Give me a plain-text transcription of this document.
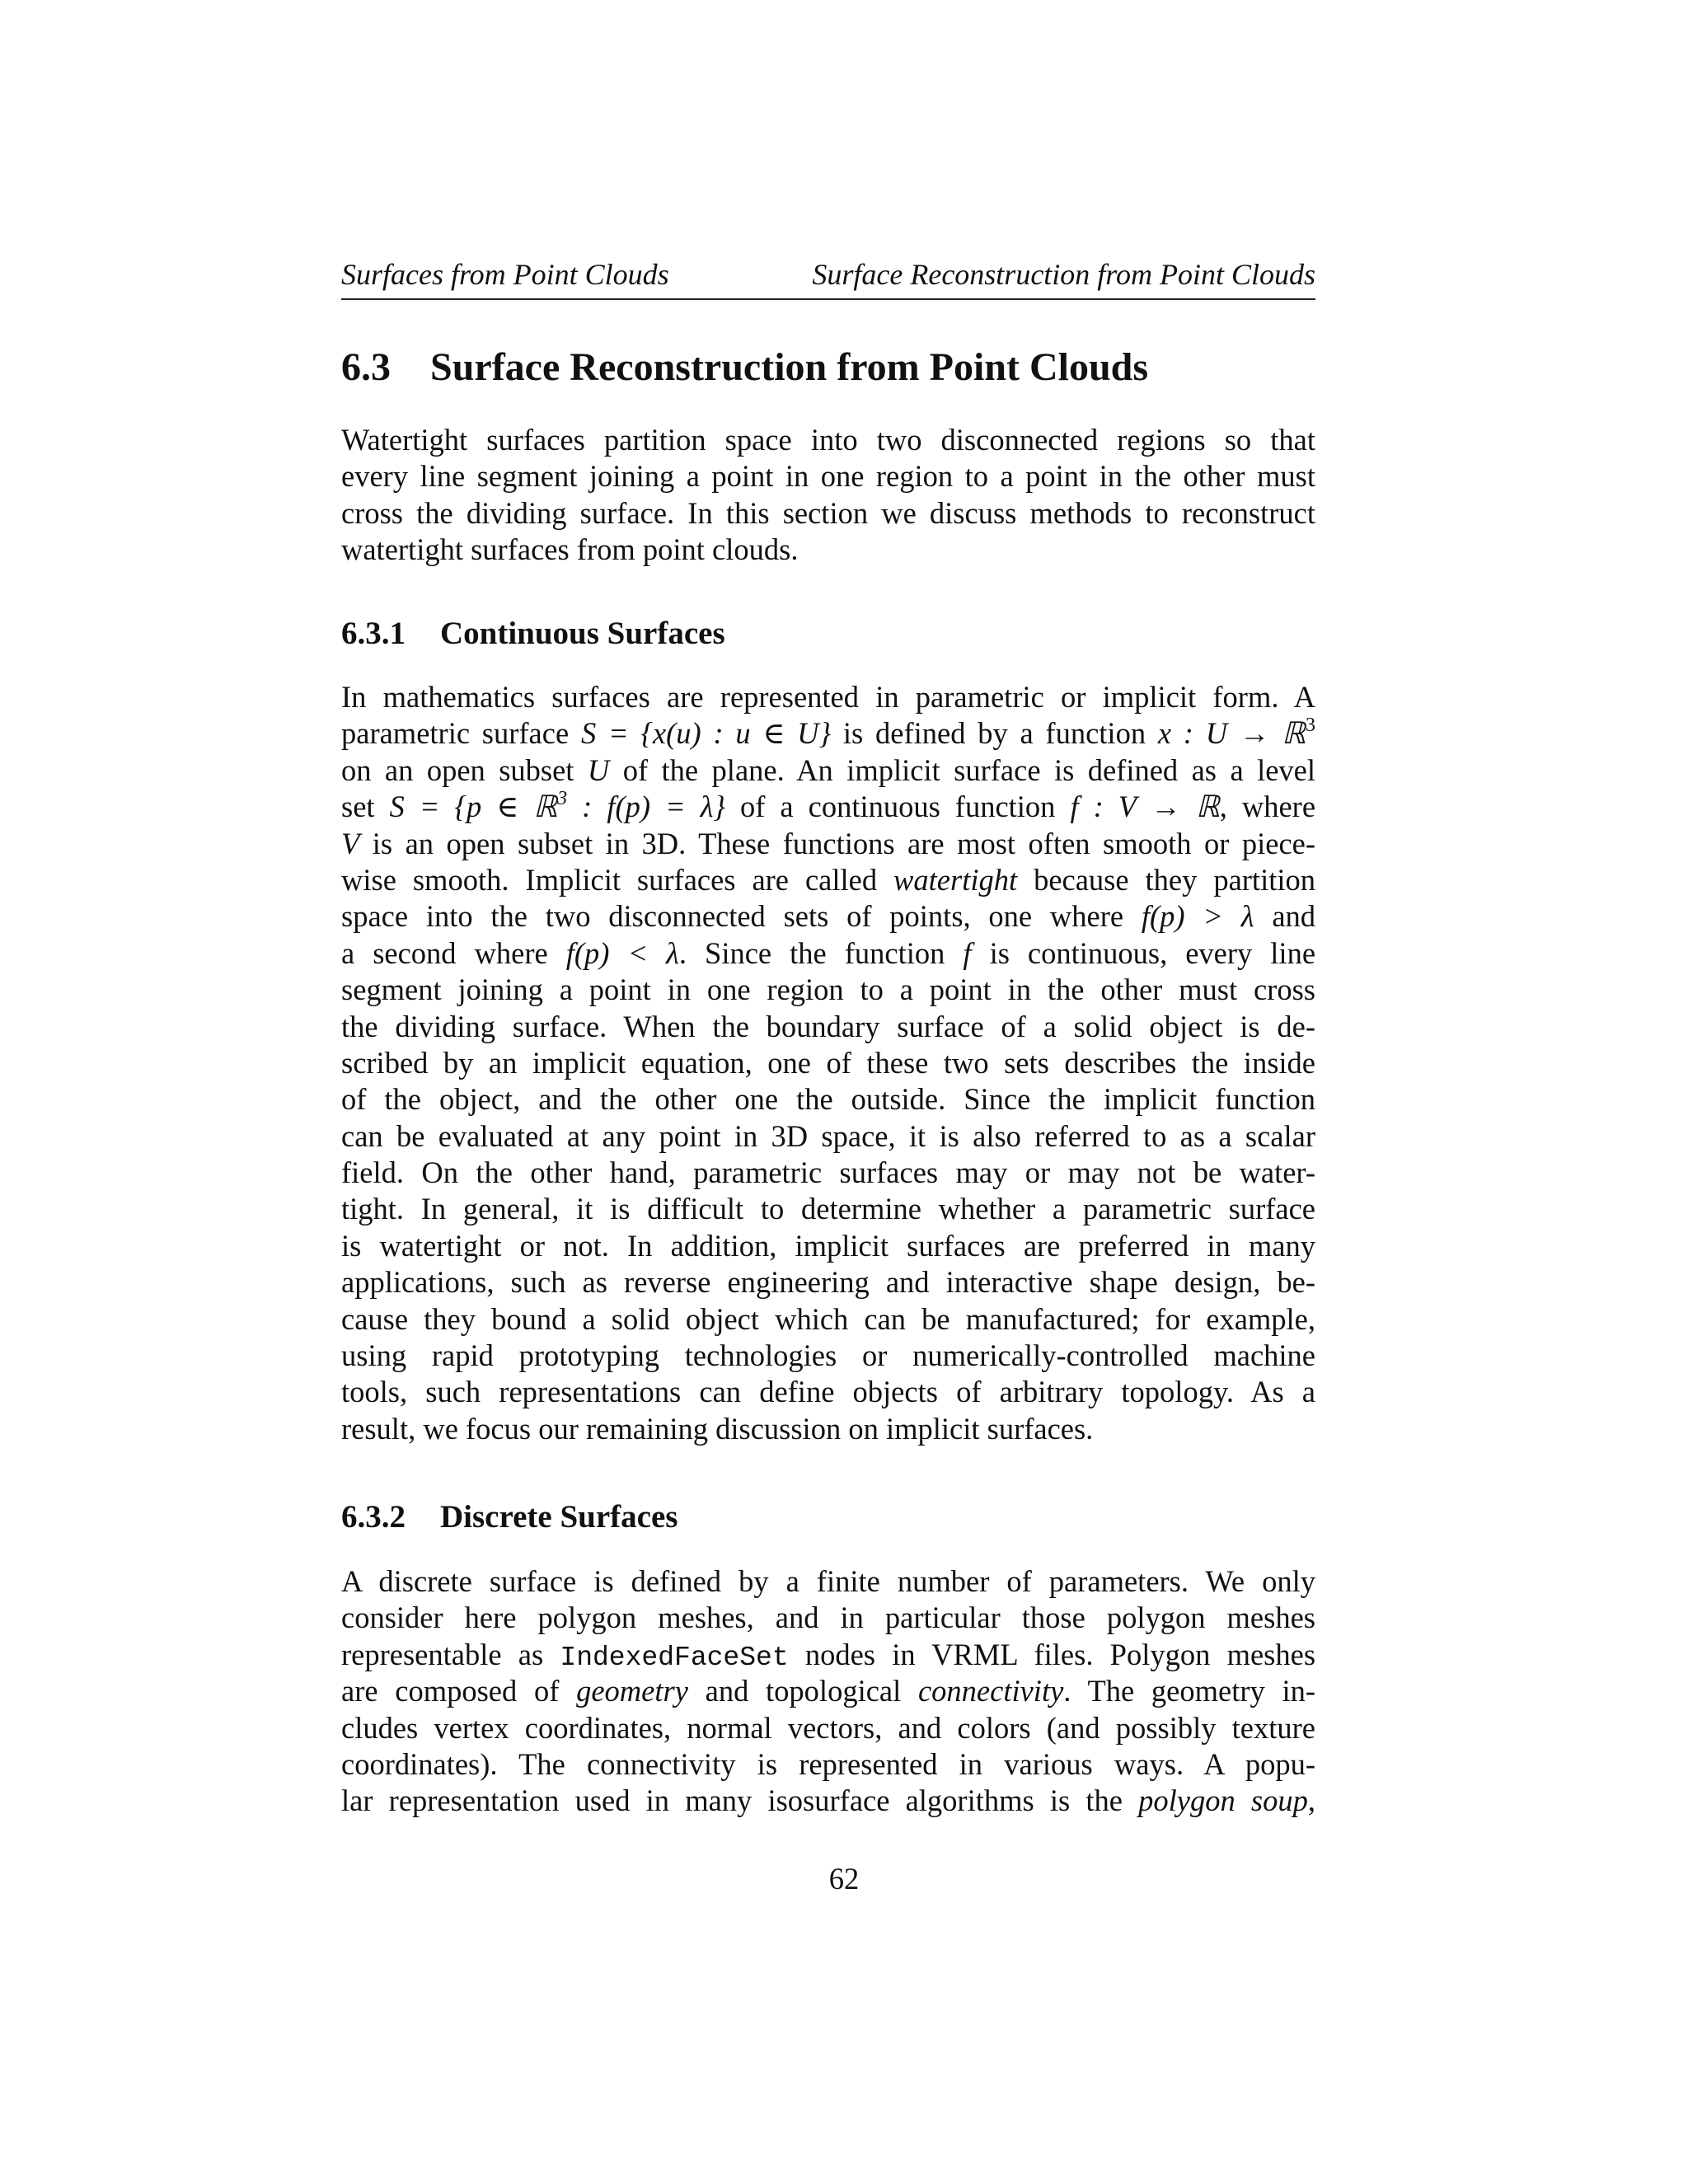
Surfaces from Point Clouds	Surface Reconstruction from Point Clouds
6.3 Surface Reconstruction from Point Clouds
Watertight surfaces partition space into two disconnected regions so that
every line segment joining a point in one region to a point in the other must
cross the dividing surface. In this section we discuss methods to reconstruct
watertight surfaces from point clouds.
6.3.1 Continuous Surfaces
In mathematics surfaces are represented in parametric or implicit form. A
parametric surface S = {x(u) : u ∈ U} is defined by a function x : U → ℝ$^3$
on an open subset U of the plane. An implicit surface is defined as a level
set S = {p ∈ ℝ$^3$ : f(p) = λ} of a continuous function f : V → ℝ, where
V is an open subset in 3D. These functions are most often smooth or piece-
wise smooth. Implicit surfaces are called watertight because they partition
space into the two disconnected sets of points, one where f(p) > λ and
a second where f(p) < λ. Since the function f is continuous, every line
segment joining a point in one region to a point in the other must cross
the dividing surface. When the boundary surface of a solid object is de-
scribed by an implicit equation, one of these two sets describes the inside
of the object, and the other one the outside. Since the implicit function
can be evaluated at any point in 3D space, it is also referred to as a scalar
field. On the other hand, parametric surfaces may or may not be water-
tight. In general, it is difficult to determine whether a parametric surface
is watertight or not. In addition, implicit surfaces are preferred in many
applications, such as reverse engineering and interactive shape design, be-
cause they bound a solid object which can be manufactured; for example,
using rapid prototyping technologies or numerically-controlled machine
tools, such representations can define objects of arbitrary topology. As a
result, we focus our remaining discussion on implicit surfaces.
6.3.2 Discrete Surfaces
A discrete surface is defined by a finite number of parameters. We only
consider here polygon meshes, and in particular those polygon meshes
representable as IndexedFaceSet nodes in VRML files. Polygon meshes
are composed of geometry and topological connectivity. The geometry in-
cludes vertex coordinates, normal vectors, and colors (and possibly texture
coordinates). The connectivity is represented in various ways. A popu-
lar representation used in many isosurface algorithms is the polygon soup,
62
